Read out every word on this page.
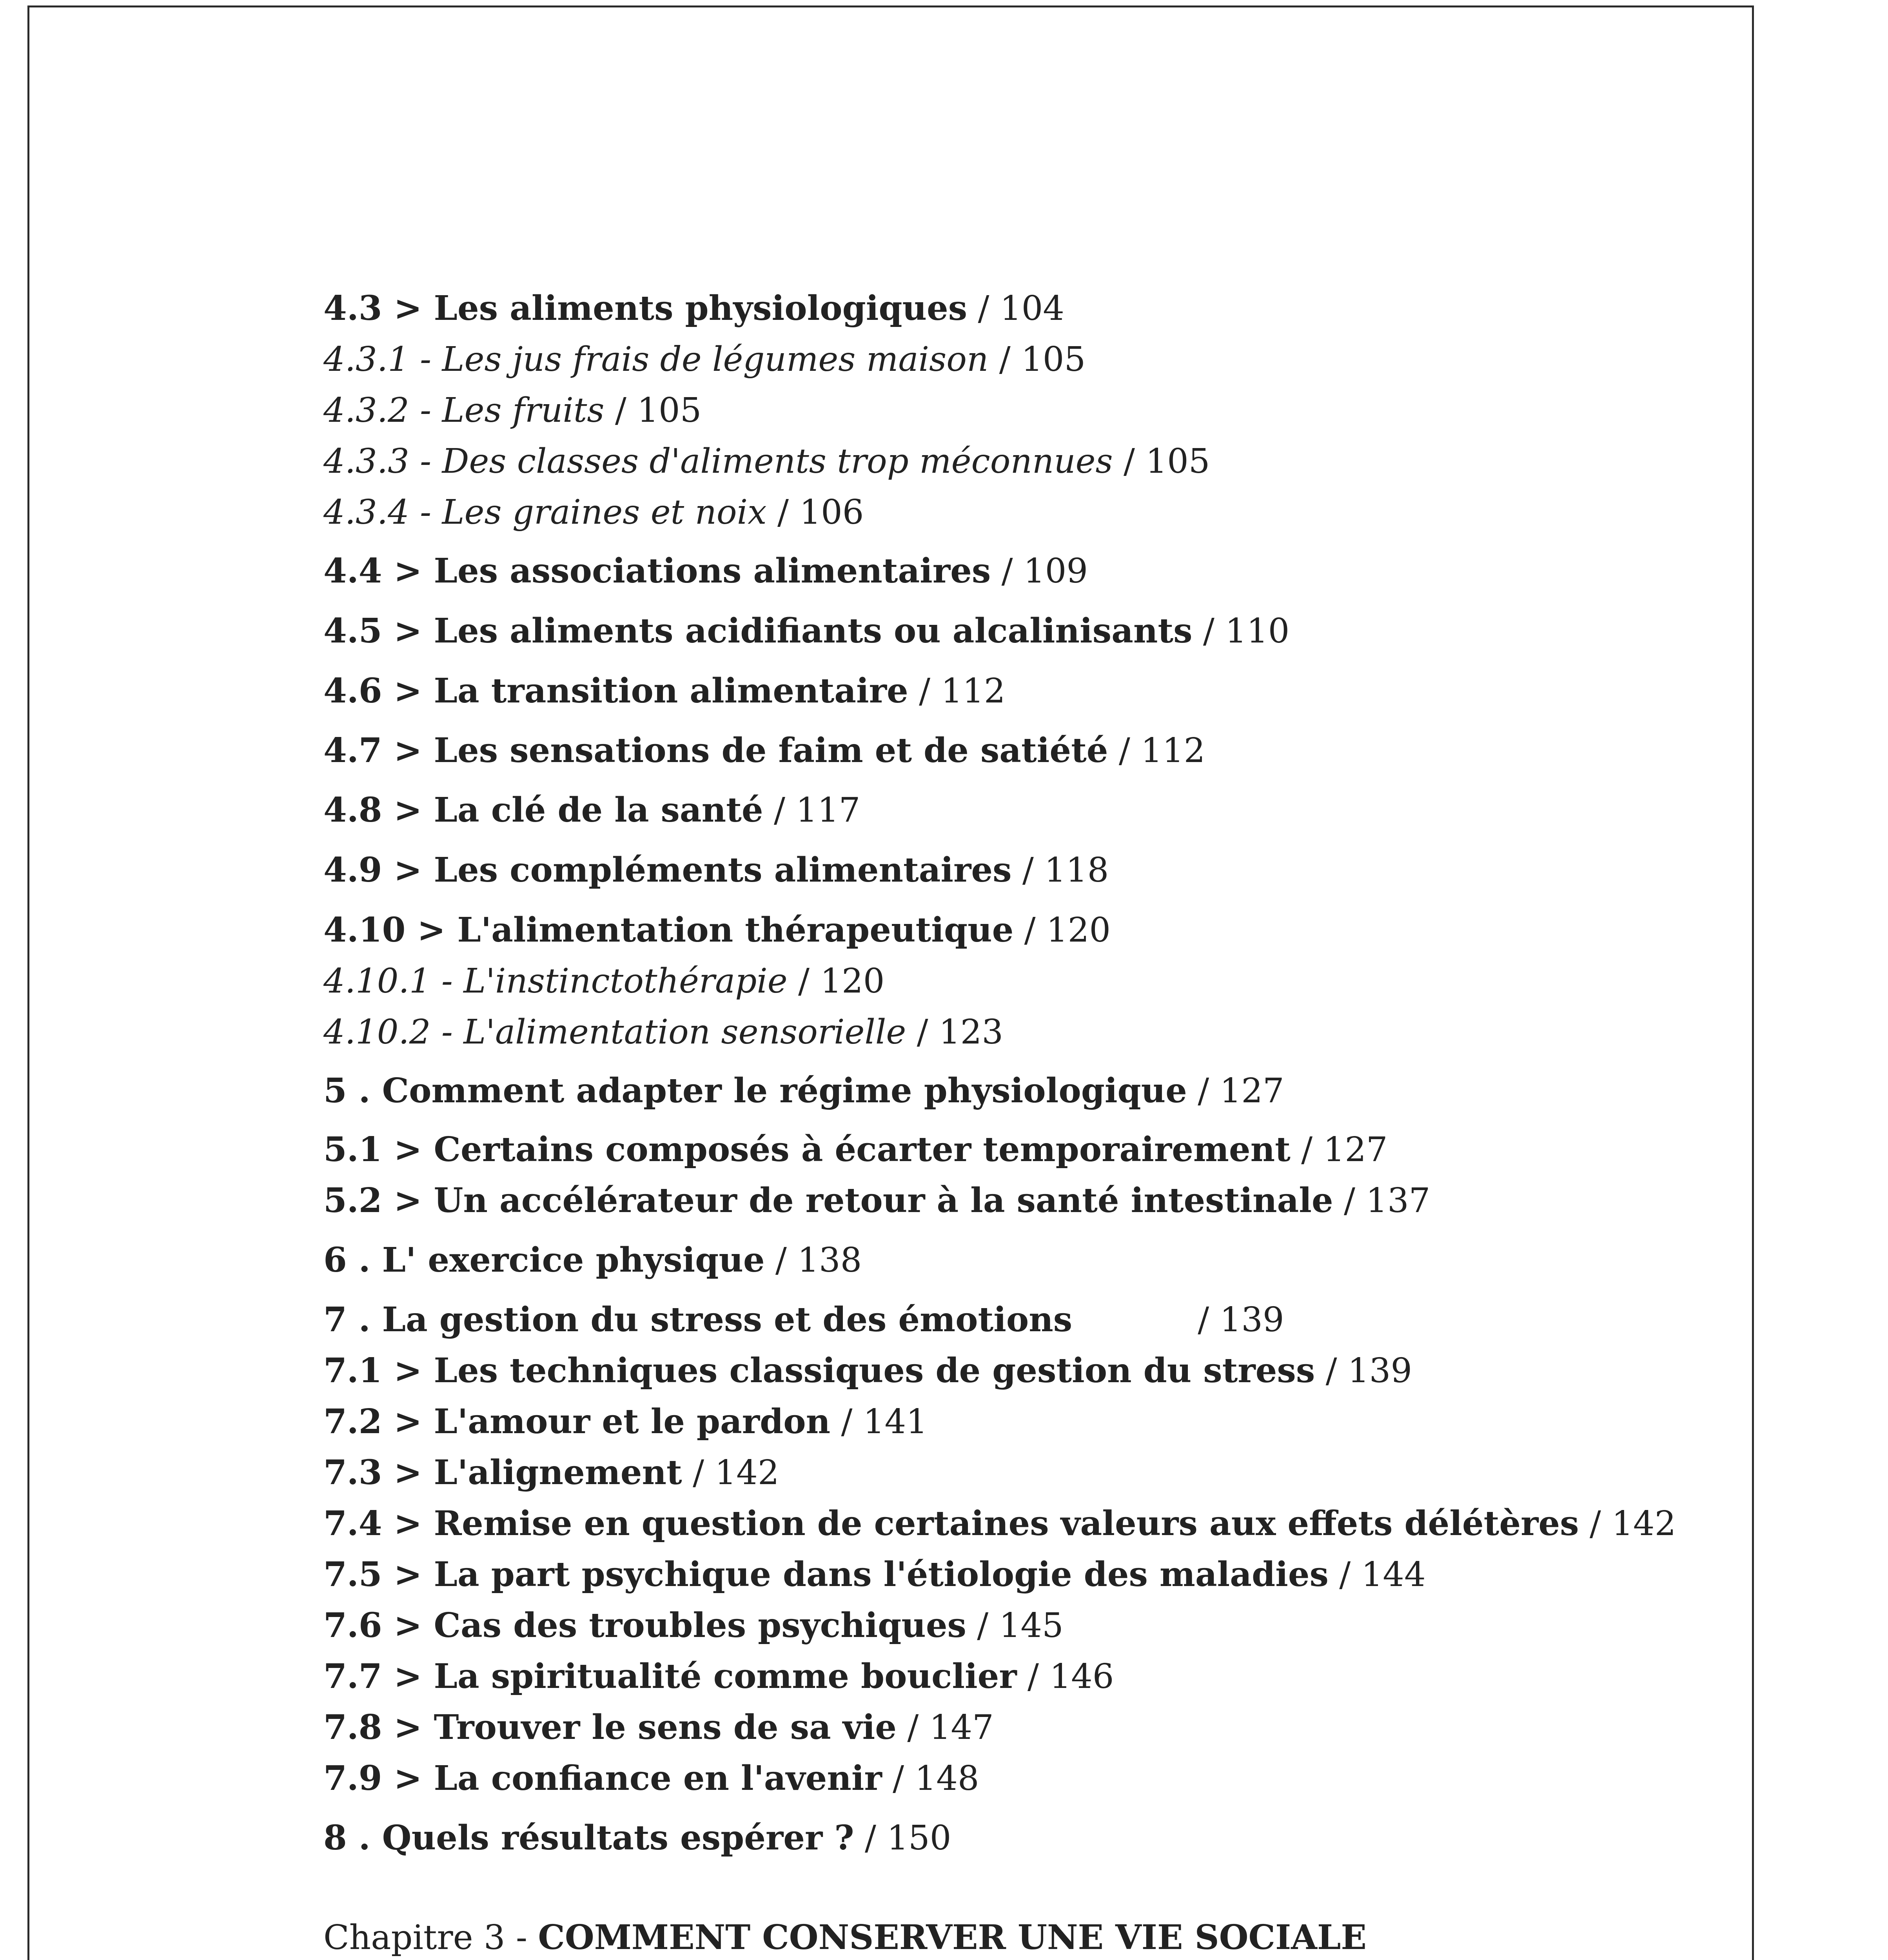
4.3 > Les aliments physiologiques / 104
4.3.1 - Les jus frais de légumes maison / 105
4.3.2 - Les fruits / 105
4.3.3 - Des classes d'aliments trop méconnues / 105
4.3.4 - Les graines et noix / 106
4.4 > Les associations alimentaires / 109
4.5 > Les aliments acidifiants ou alcalinisants / 110
4.6 > La transition alimentaire / 112
4.7 > Les sensations de faim et de satiété / 112
4.8 > La clé de la santé / 117
4.9 > Les compléments alimentaires / 118
4.10 > L'alimentation thérapeutique / 120
4.10.1 - L'instinctothérapie / 120
4.10.2 - L'alimentation sensorielle / 123
5 . Comment adapter le régime physiologique / 127
5.1 > Certains composés à écarter temporairement / 127
5.2 > Un accélérateur de retour à la santé intestinale / 137
6 . L' exercice physique / 138
7 . La gestion du stress et des émotions	/ 139
7.1 > Les techniques classiques de gestion du stress / 139
7.2 > L'amour et le pardon / 141
7.3 > L'alignement / 142
7.4 > Remise en question de certaines valeurs aux effets délétères / 142
7.5 > La part psychique dans l'étiologie des maladies / 144
7.6 > Cas des troubles psychiques / 145
7.7 > La spiritualité comme bouclier / 146
7.8 > Trouver le sens de sa vie / 147
7.9 > La confiance en l'avenir / 148
8 . Quels résultats espérer ? / 150
Chapitre 3 - COMMENT CONSERVER UNE VIE SOCIALE
